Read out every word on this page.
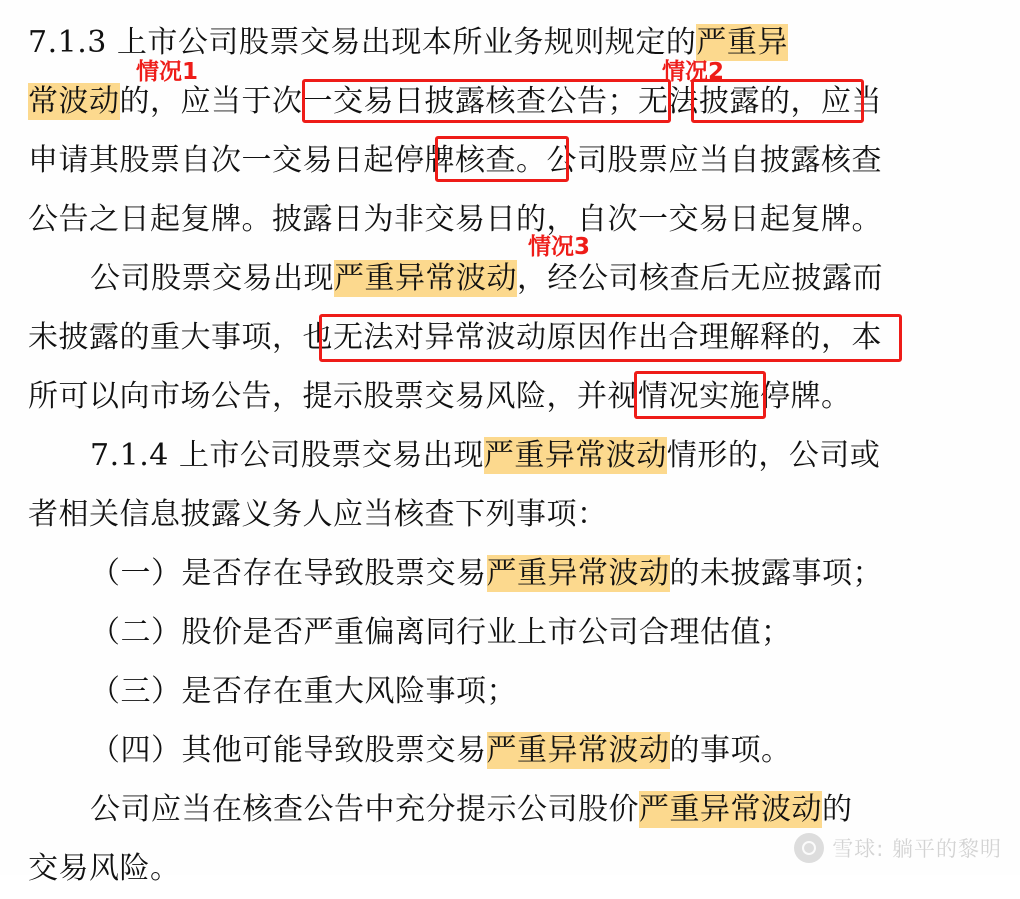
7.1.3 上市公司股票交易出现本所业务规则规定的严重异

常波动的，应当于次一交易日披露核查公告；无法披露的，应当

申请其股票自次一交易日起停牌核查。公司股票应当自披露核查

公告之日起复牌。披露日为非交易日的，自次一交易日起复牌。

公司股票交易出现严重异常波动，经公司核查后无应披露而

未披露的重大事项，也无法对异常波动原因作出合理解释的，本

所可以向市场公告，提示股票交易风险，并视情况实施停牌。

7.1.4 上市公司股票交易出现严重异常波动情形的，公司或

者相关信息披露义务人应当核查下列事项：

（一）是否存在导致股票交易严重异常波动的未披露事项；

（二）股价是否严重偏离同行业上市公司合理估值；

（三）是否存在重大风险事项；

（四）其他可能导致股票交易严重异常波动的事项。

公司应当在核查公告中充分提示公司股价严重异常波动的

交易风险。

情况1	情况2
情况3
雪球: 躺平的黎明
